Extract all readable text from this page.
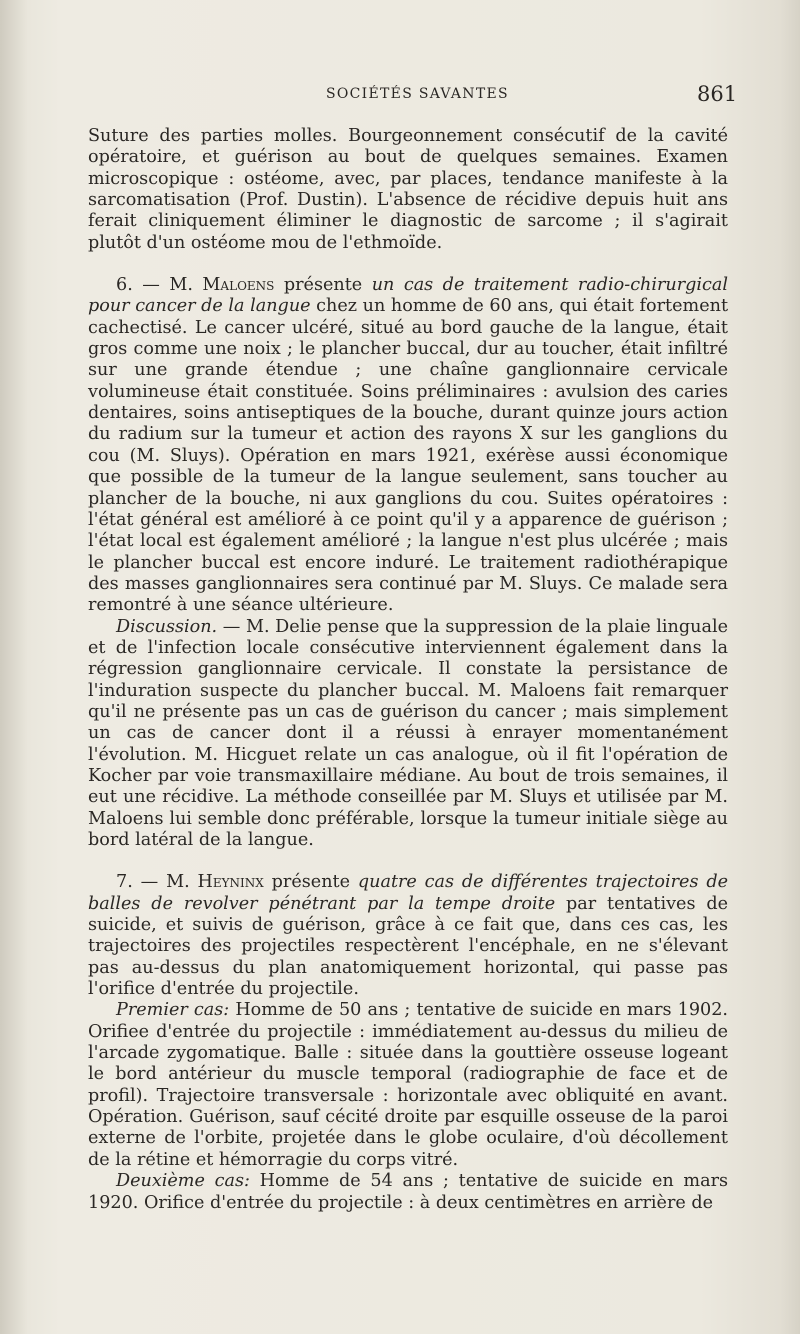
SOCIÉTÉS SAVANTES	861

Suture des parties molles. Bourgeonnement consécutif de la cavité opératoire, et guérison au bout de quelques semaines. Examen microscopique : ostéome, avec, par places, tendance manifeste à la sarcomatisation (Prof. Dustin). L'absence de récidive depuis huit ans ferait cliniquement éliminer le diagnostic de sarcome ; il s'agirait plutôt d'un ostéome mou de l'ethmoïde.

6. — M. Maloens présente un cas de traitement radio-chirurgical pour cancer de la langue chez un homme de 60 ans, qui était fortement cachectisé. Le cancer ulcéré, situé au bord gauche de la langue, était gros comme une noix ; le plancher buccal, dur au toucher, était infiltré sur une grande étendue ; une chaîne ganglionnaire cervicale volumineuse était constituée. Soins préliminaires : avulsion des caries dentaires, soins antiseptiques de la bouche, durant quinze jours action du radium sur la tumeur et action des rayons X sur les ganglions du cou (M. Sluys). Opération en mars 1921, exérèse aussi économique que possible de la tumeur de la langue seulement, sans toucher au plancher de la bouche, ni aux ganglions du cou. Suites opératoires : l'état général est amélioré à ce point qu'il y a apparence de guérison ; l'état local est également amélioré ; la langue n'est plus ulcérée ; mais le plancher buccal est encore induré. Le traitement radiothérapique des masses ganglionnaires sera continué par M. Sluys. Ce malade sera remontré à une séance ultérieure.

Discussion. — M. Delie pense que la suppression de la plaie linguale et de l'infection locale consécutive interviennent également dans la régression ganglionnaire cervicale. Il constate la persistance de l'induration suspecte du plancher buccal. M. Maloens fait remarquer qu'il ne présente pas un cas de guérison du cancer ; mais simplement un cas de cancer dont il a réussi à enrayer momentanément l'évolution. M. Hicguet relate un cas analogue, où il fit l'opération de Kocher par voie transmaxillaire médiane. Au bout de trois semaines, il eut une récidive. La méthode conseillée par M. Sluys et utilisée par M. Maloens lui semble donc préférable, lorsque la tumeur initiale siège au bord latéral de la langue.

7. — M. Heyninx présente quatre cas de différentes trajectoires de balles de revolver pénétrant par la tempe droite par tentatives de suicide, et suivis de guérison, grâce à ce fait que, dans ces cas, les trajectoires des projectiles respectèrent l'encéphale, en ne s'élevant pas au-dessus du plan anatomiquement horizontal, qui passe pas l'orifice d'entrée du projectile.

Premier cas: Homme de 50 ans ; tentative de suicide en mars 1902. Orifiee d'entrée du projectile : immédiatement au-dessus du milieu de l'arcade zygomatique. Balle : située dans la gouttière osseuse logeant le bord antérieur du muscle temporal (radiographie de face et de profil). Trajectoire transversale : horizontale avec obliquité en avant. Opération. Guérison, sauf cécité droite par esquille osseuse de la paroi externe de l'orbite, projetée dans le globe oculaire, d'où décollement de la rétine et hémorragie du corps vitré.

Deuxième cas: Homme de 54 ans ; tentative de suicide en mars 1920. Orifice d'entrée du projectile : à deux centimètres en arrière de
